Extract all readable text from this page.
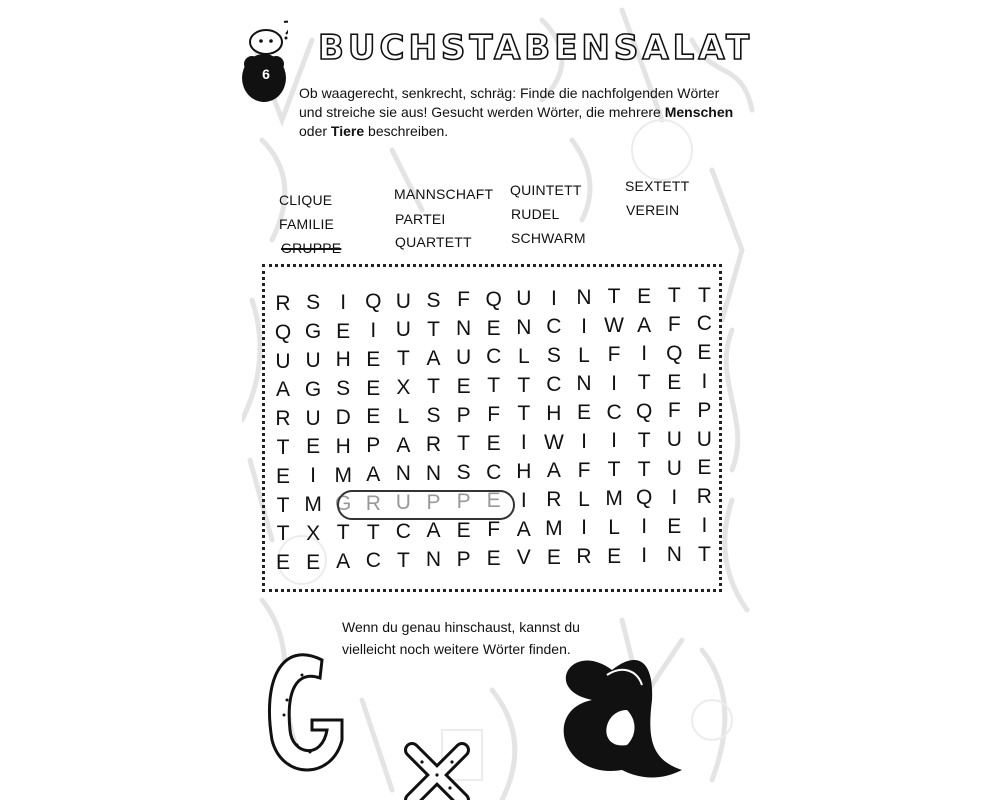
6
BUCHSTABENSALAT
Ob waagerecht, senkrecht, schräg: Finde die nachfolgenden Wörter und streiche sie aus! Gesucht werden Wörter, die mehrere Menschen oder Tiere beschreiben.
CLIQUE
FAMILIE
GRUPPE
MANNSCHAFT
PARTEI
QUARTETT
QUINTETT
RUDEL
SCHWARM
SEXTETT
VEREIN
R S I Q U S F Q U I N T E T T
Q G E I U T N E N C I W A F C
U U H E T A U C L S L F I Q E
A G S E X T E T T C N I T E I
R U D E L S P F T H E C Q F P
T E H P A R T E I W I	I T U U
E I M A N N S C H A F T T U E
T M G R U P P E I R L M Q I R
T X T T C A E F A M I	L	I E I
E E A C T N P E V E R E I N T
Wenn du genau hinschaust, kannst du
vielleicht noch weitere Wörter finden.
